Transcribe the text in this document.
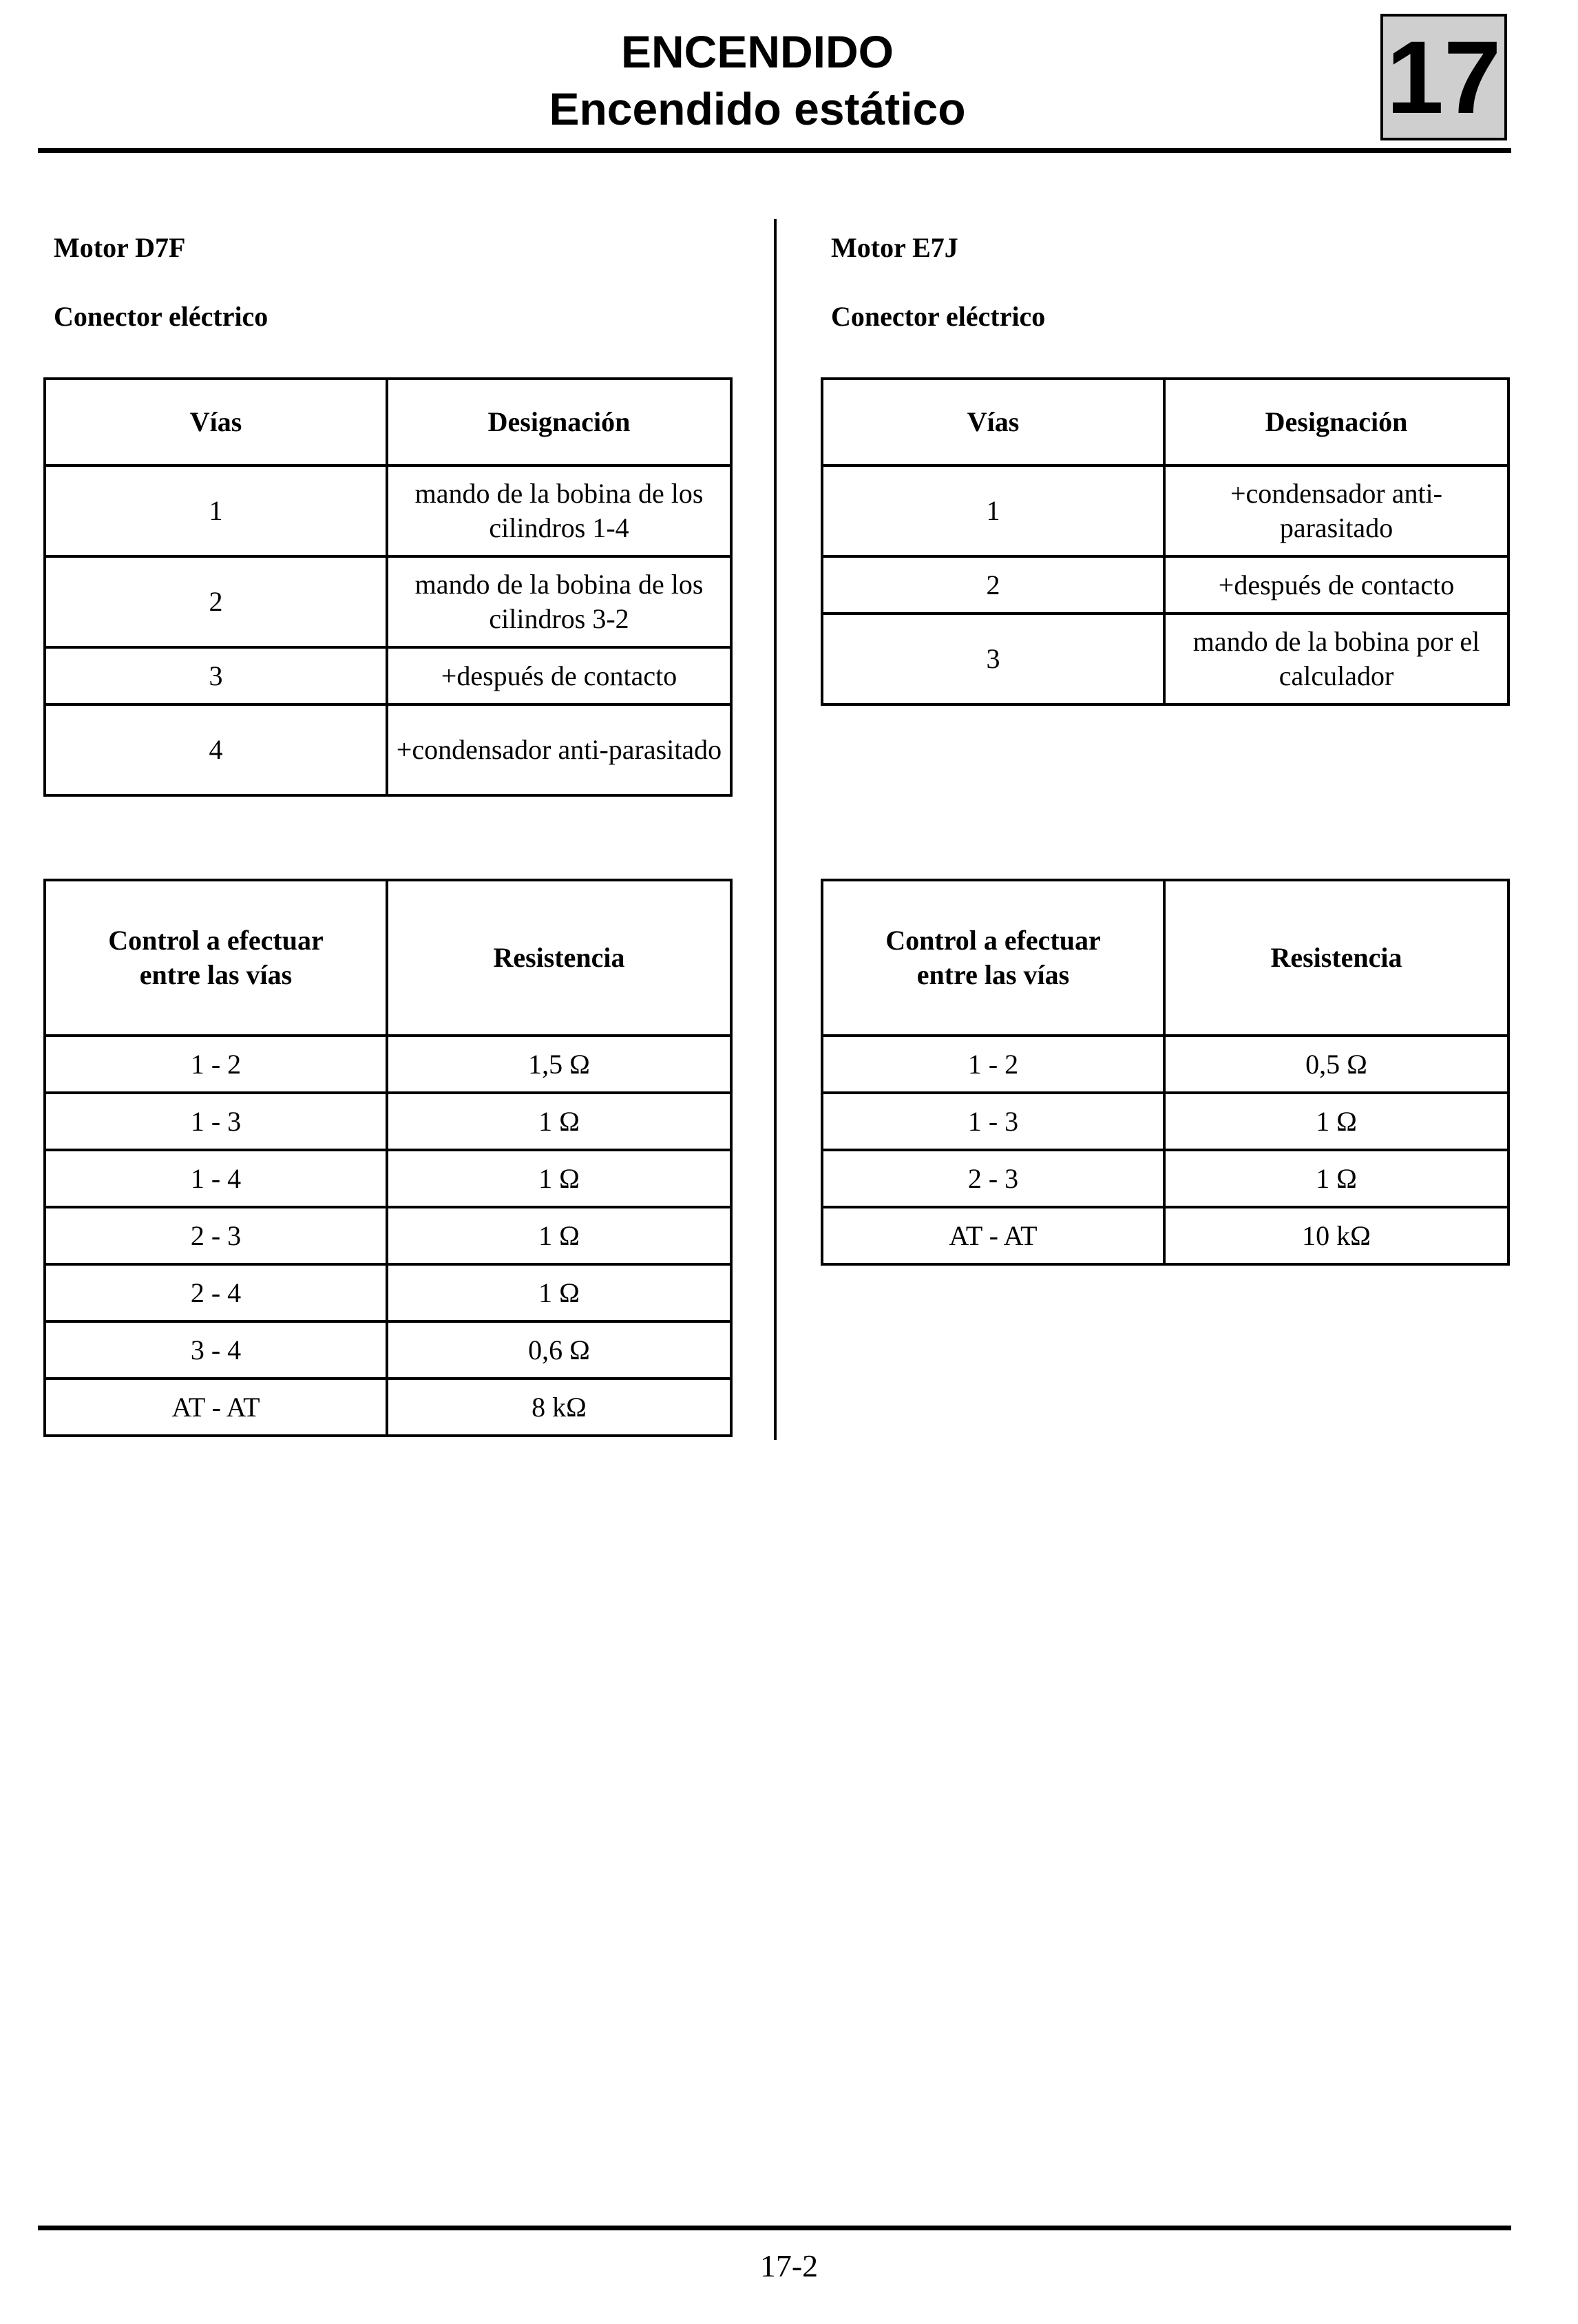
ENCENDIDO
Encendido estático	17
Motor D7F
Conector eléctrico
Vías	Designación
1	mando de la bobina de los cilindros 1-4
2	mando de la bobina de los cilindros 3-2
3	+después de contacto
4	+condensador anti-parasitado
Control a efectuar entre las vías	Resistencia
1 - 2	1,5 Ω
1 - 3	1 Ω
1 - 4	1 Ω
2 - 3	1 Ω
2 - 4	1 Ω
3 - 4	0,6 Ω
AT - AT	8 kΩ
Motor E7J
Conector eléctrico
Vías	Designación
1	+condensador anti-parasitado
2	+después de contacto
3	mando de la bobina por el calculador
Control a efectuar entre las vías	Resistencia
1 - 2	0,5 Ω
1 - 3	1 Ω
2 - 3	1 Ω
AT - AT	10 kΩ
17-2
